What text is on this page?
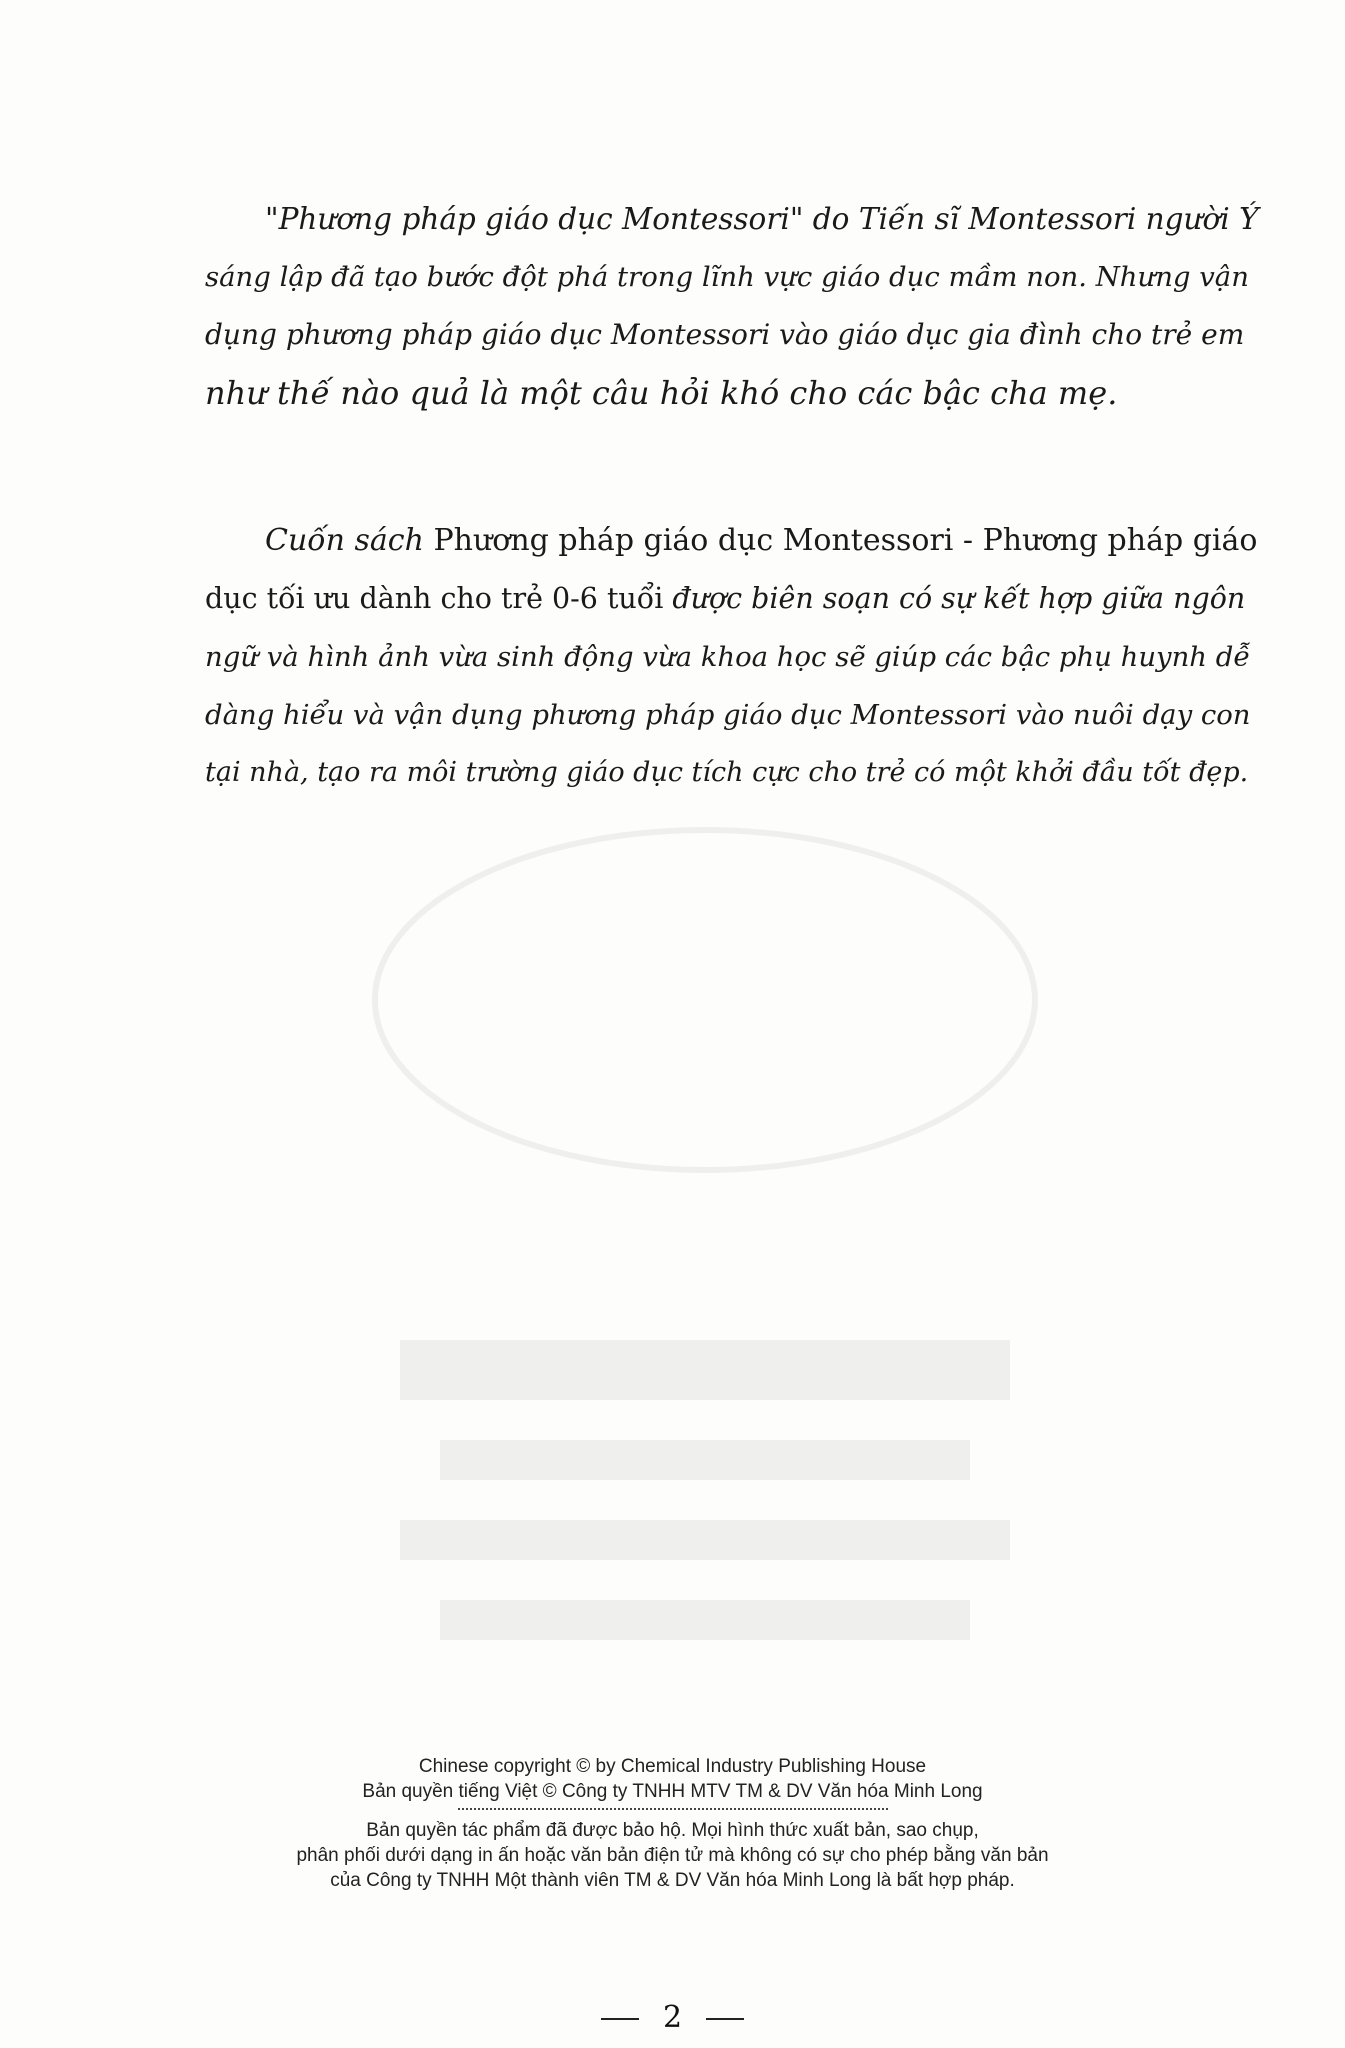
"Phương pháp giáo dục Montessori" do Tiến sĩ Montessori người Ý
sáng lập đã tạo bước đột phá trong lĩnh vực giáo dục mầm non. Nhưng vận
dụng phương pháp giáo dục Montessori vào giáo dục gia đình cho trẻ em
như thế nào quả là một câu hỏi khó cho các bậc cha mẹ.

Cuốn sách Phương pháp giáo dục Montessori - Phương pháp giáo
dục tối ưu dành cho trẻ 0-6 tuổi được biên soạn có sự kết hợp giữa ngôn
ngữ và hình ảnh vừa sinh động vừa khoa học sẽ giúp các bậc phụ huynh dễ
dàng hiểu và vận dụng phương pháp giáo dục Montessori vào nuôi dạy con
tại nhà, tạo ra môi trường giáo dục tích cực cho trẻ có một khởi đầu tốt đẹp.

Chinese copyright © by Chemical Industry Publishing House
Bản quyền tiếng Việt © Công ty TNHH MTV TM & DV Văn hóa Minh Long
Bản quyền tác phẩm đã được bảo hộ. Mọi hình thức xuất bản, sao chụp,
phân phối dưới dạng in ấn hoặc văn bản điện tử mà không có sự cho phép bằng văn bản
của Công ty TNHH Một thành viên TM & DV Văn hóa Minh Long là bất hợp pháp.
2
